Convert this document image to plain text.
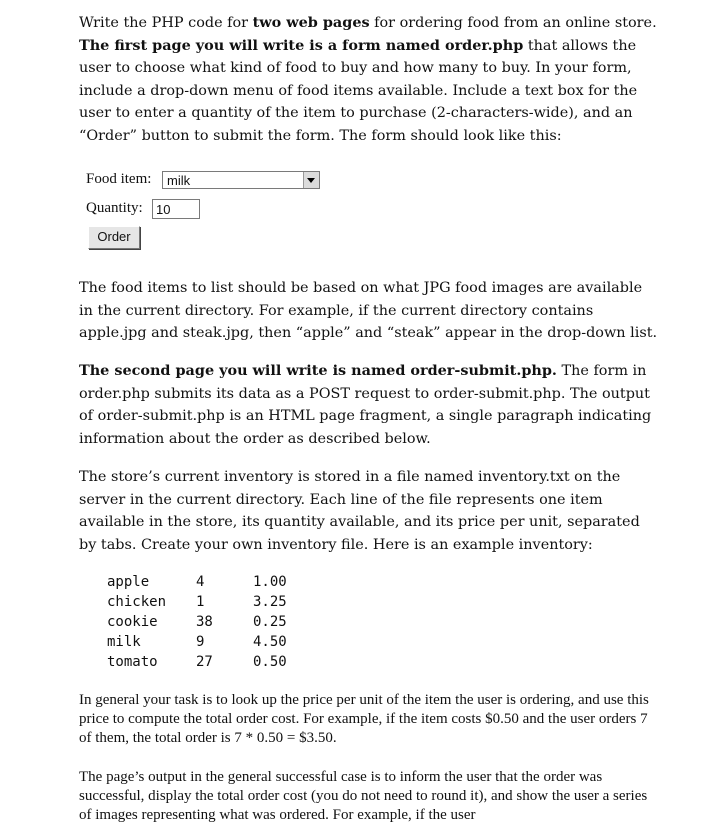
Write the PHP code for two web pages for ordering food from an online store. The first page you will write is a form named order.php that allows the user to choose what kind of food to buy and how many to buy. In your form, include a drop-down menu of food items available. Include a text box for the user to enter a quantity of the item to purchase (2-characters-wide), and an “Order” button to submit the form. The form should look like this:

Food item: milk
Quantity:	10
Order

The food items to list should be based on what JPG food images are available in the current directory. For example, if the current directory contains apple.jpg and steak.jpg, then “apple” and “steak” appear in the drop-down list.

The second page you will write is named order-submit.php. The form in order.php submits its data as a POST request to order-submit.php. The output of order-submit.php is an HTML page fragment, a single paragraph indicating information about the order as described below.

The store’s current inventory is stored in a file named inventory.txt on the server in the current directory. Each line of the file represents one item available in the store, its quantity available, and its price per unit, separated by tabs. Create your own inventory file. Here is an example inventory:

apple	4	1.00
chicken 1	3.25
cookie	38	0.25
milk	9	4.50
tomato	27	0.50

In general your task is to look up the price per unit of the item the user is ordering, and use this price to compute the total order cost. For example, if the item costs $0.50 and the user orders 7 of them, the total order is 7 * 0.50 = $3.50.

The page’s output in the general successful case is to inform the user that the order was successful, display the total order cost (you do not need to round it), and show the user a series of images representing what was ordered. For example, if the user
